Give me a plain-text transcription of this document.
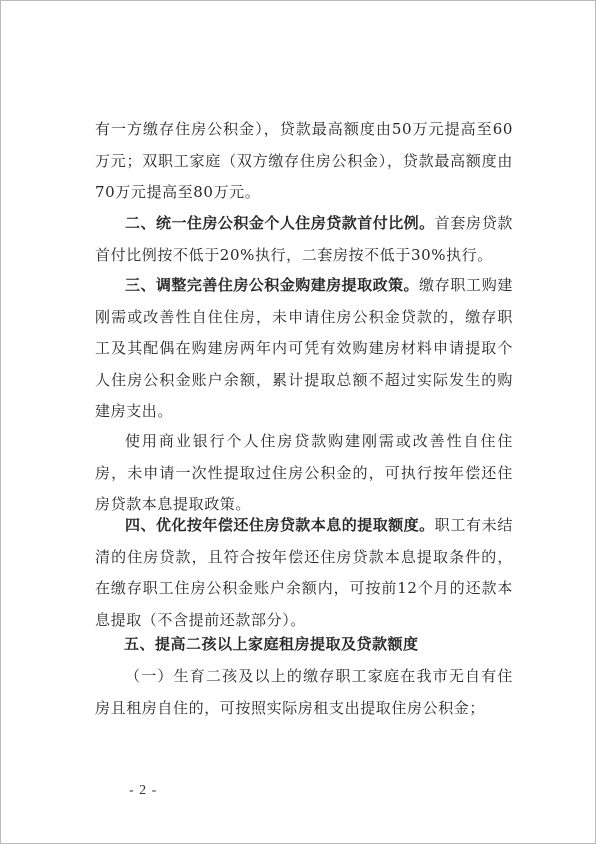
有一方缴存住房公积金），贷款最高额度由50万元提高至60万元；双职工家庭（双方缴存住房公积金），贷款最高额度由70万元提高至80万元。

二、统一住房公积金个人住房贷款首付比例。首套房贷款首付比例按不低于20%执行，二套房按不低于30%执行。

三、调整完善住房公积金购建房提取政策。缴存职工购建刚需或改善性自住住房，未申请住房公积金贷款的，缴存职工及其配偶在购建房两年内可凭有效购建房材料申请提取个人住房公积金账户余额，累计提取总额不超过实际发生的购建房支出。

使用商业银行个人住房贷款购建刚需或改善性自住住房，未申请一次性提取过住房公积金的，可执行按年偿还住房贷款本息提取政策。

四、优化按年偿还住房贷款本息的提取额度。职工有未结清的住房贷款，且符合按年偿还住房贷款本息提取条件的，在缴存职工住房公积金账户余额内，可按前12个月的还款本息提取（不含提前还款部分）。

五、提高二孩以上家庭租房提取及贷款额度

（一）生育二孩及以上的缴存职工家庭在我市无自有住房且租房自住的，可按照实际房租支出提取住房公积金；

- 2 -
